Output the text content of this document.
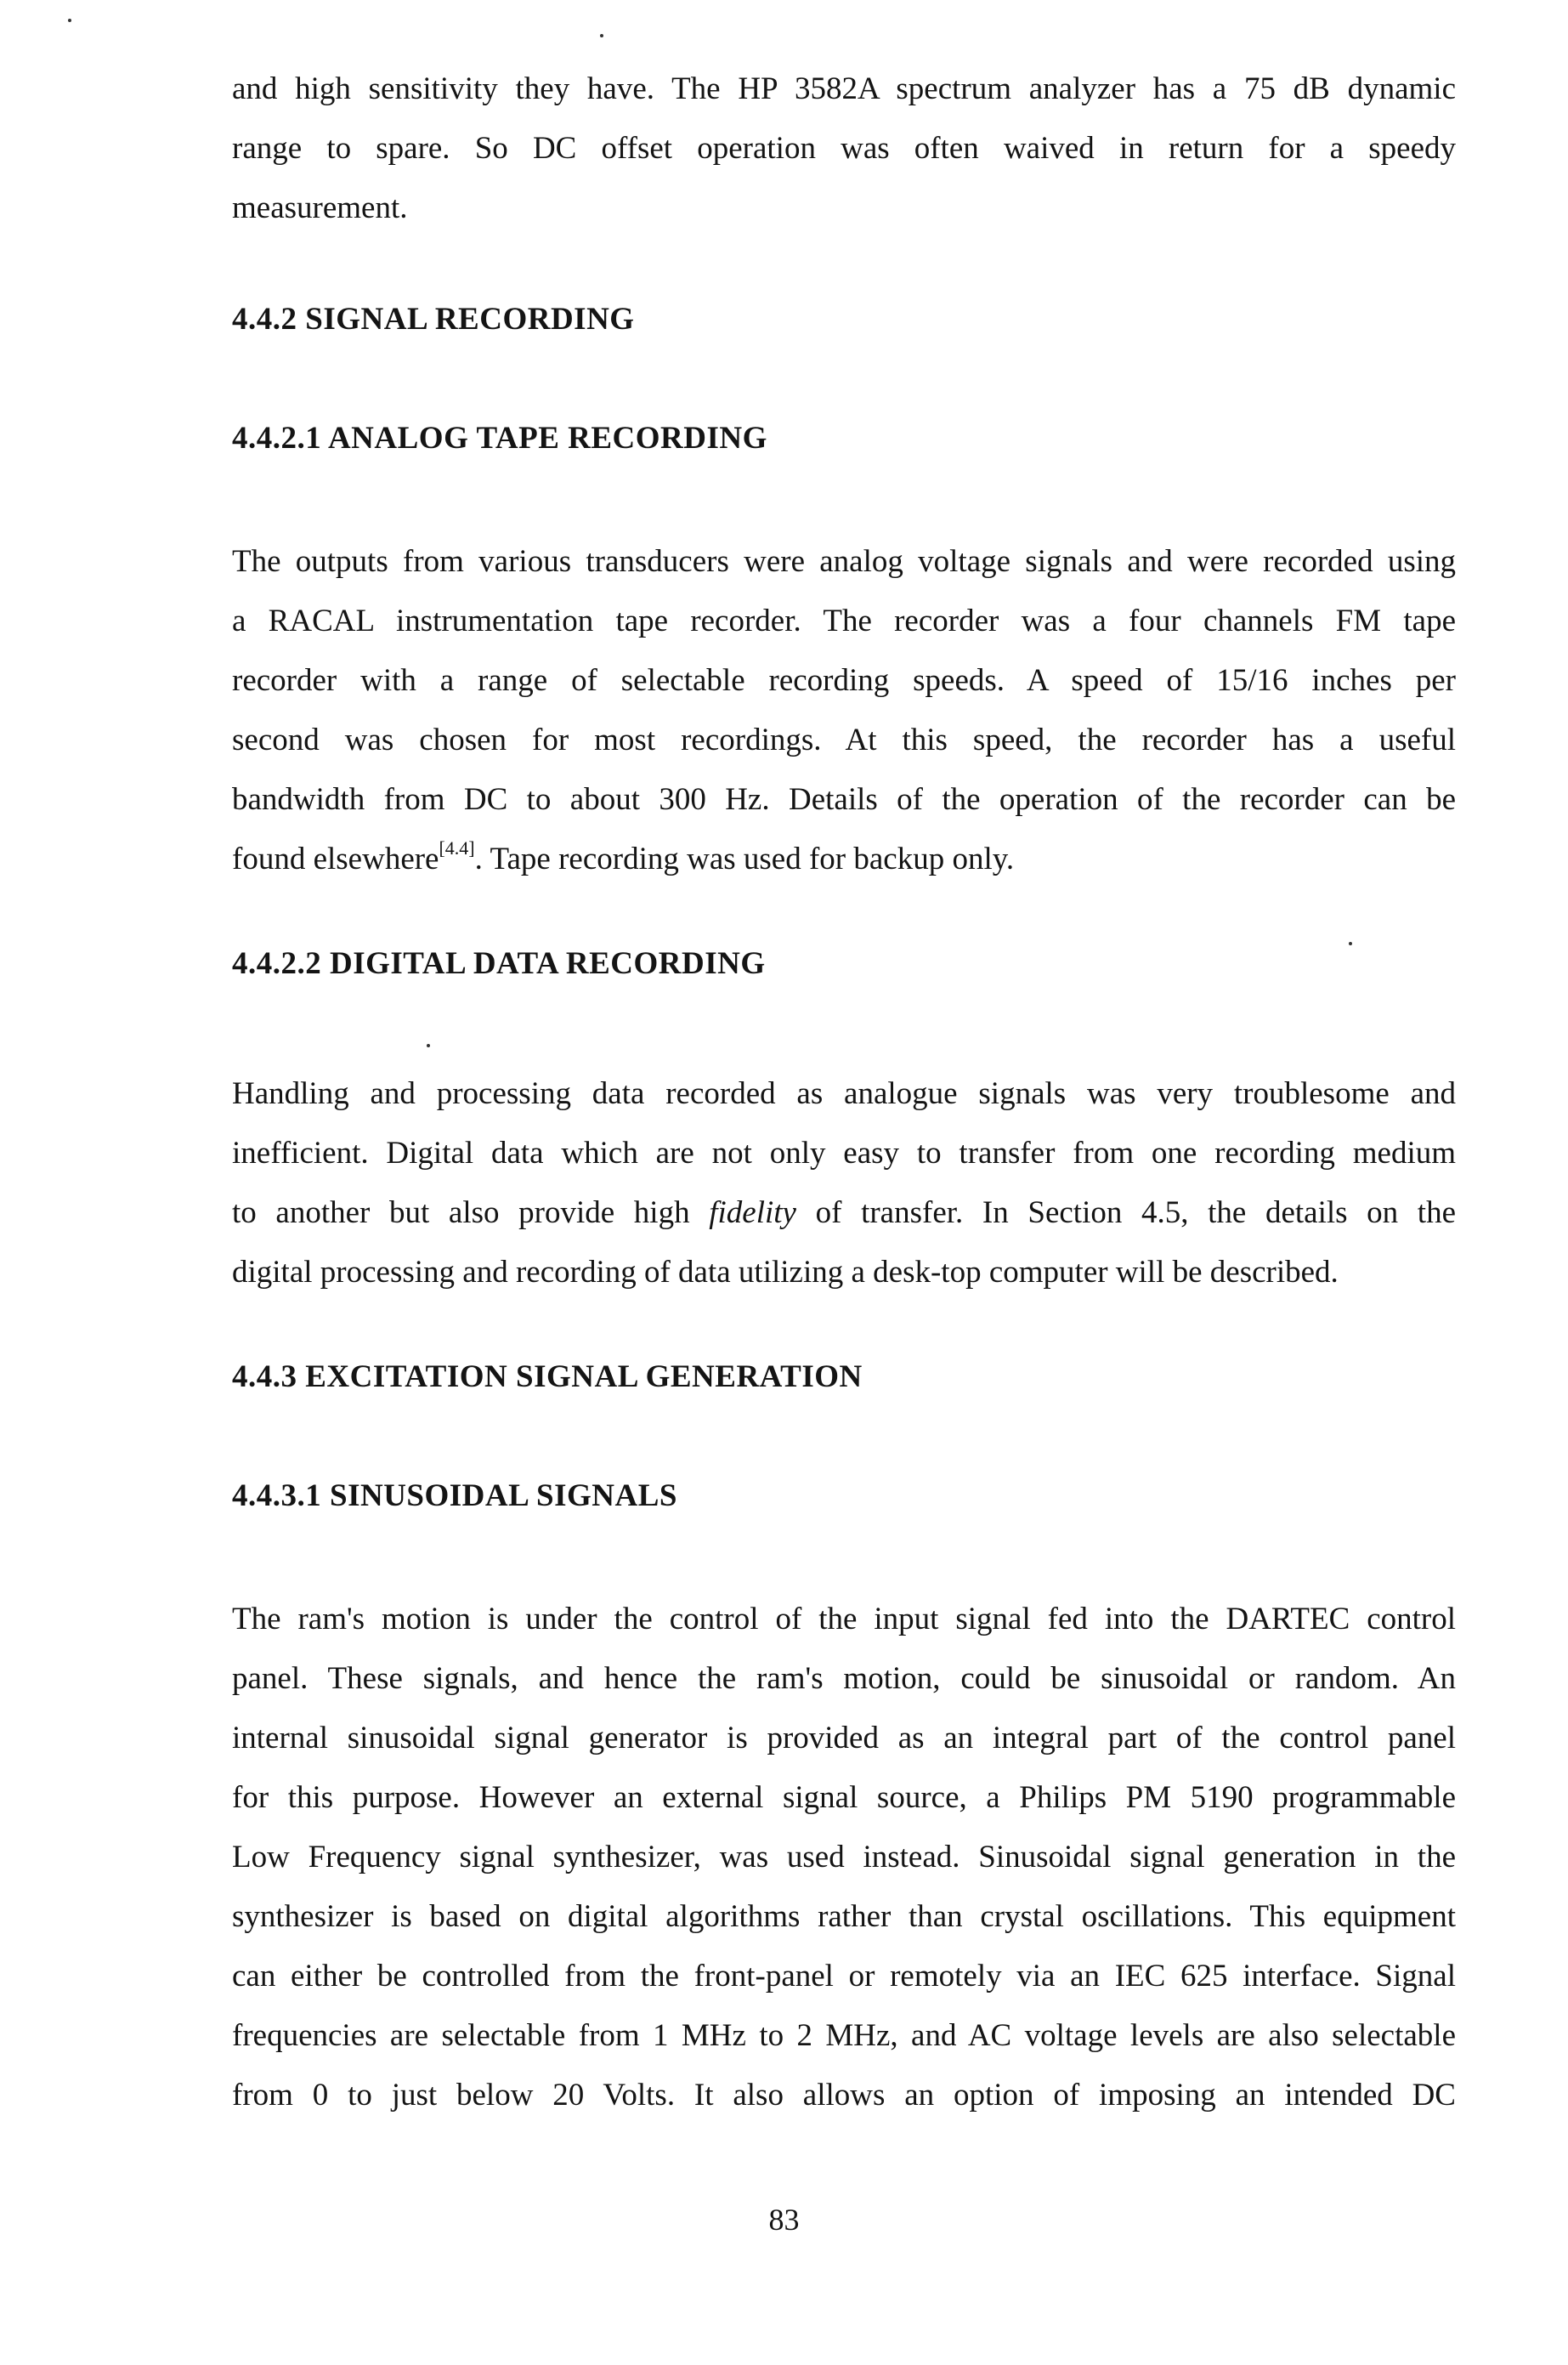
and high sensitivity they have. The HP 3582A spectrum analyzer has a 75 dB dynamic
range to spare. So DC offset operation was often waived in return for a speedy
measurement.
4.4.2 SIGNAL RECORDING
4.4.2.1 ANALOG TAPE RECORDING
The outputs from various transducers were analog voltage signals and were recorded using
a RACAL instrumentation tape recorder. The recorder was a four channels FM tape
recorder with a range of selectable recording speeds. A speed of 15/16 inches per
second was chosen for most recordings. At this speed, the recorder has a useful
bandwidth from DC to about 300 Hz. Details of the operation of the recorder can be
found elsewhere[4.4]. Tape recording was used for backup only.
4.4.2.2 DIGITAL DATA RECORDING
Handling and processing data recorded as analogue signals was very troublesome and
inefficient. Digital data which are not only easy to transfer from one recording medium
to another but also provide high fidelity of transfer. In Section 4.5, the details on the
digital processing and recording of data utilizing a desk-top computer will be described.
4.4.3 EXCITATION SIGNAL GENERATION
4.4.3.1 SINUSOIDAL SIGNALS
The ram's motion is under the control of the input signal fed into the DARTEC control
panel. These signals, and hence the ram's motion, could be sinusoidal or random. An
internal sinusoidal signal generator is provided as an integral part of the control panel
for this purpose. However an external signal source, a Philips PM 5190 programmable
Low Frequency signal synthesizer, was used instead. Sinusoidal signal generation in the
synthesizer is based on digital algorithms rather than crystal oscillations. This equipment
can either be controlled from the front-panel or remotely via an IEC 625 interface. Signal
frequencies are selectable from 1 MHz to 2 MHz, and AC voltage levels are also selectable
from 0 to just below 20 Volts. It also allows an option of imposing an intended DC

83
